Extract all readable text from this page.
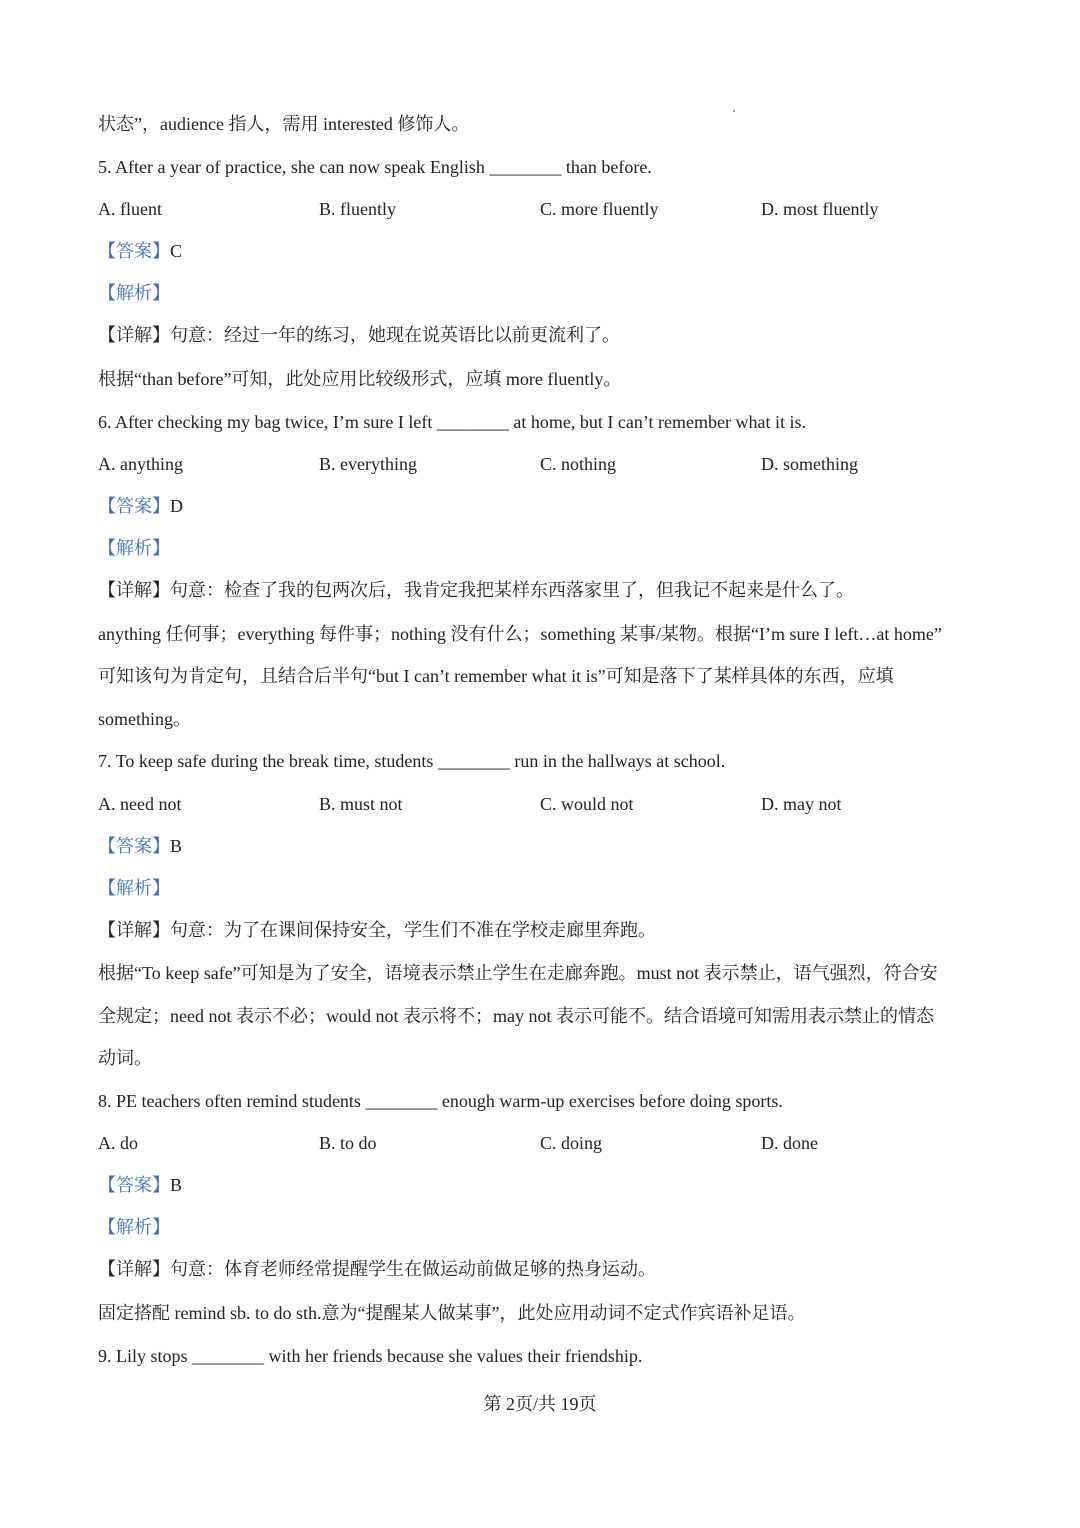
状态”，audience 指人，需用 interested 修饰人。
5. After a year of practice, she can now speak English ________ than before.
A. fluent	B. fluently	C. more fluently	D. most fluently
【答案】C
【解析】
【详解】句意：经过一年的练习，她现在说英语比以前更流利了。
根据“than before”可知，此处应用比较级形式，应填 more fluently。
6. After checking my bag twice, I’m sure I left ________ at home, but I can’t remember what it is.
A. anything	B. everything	C. nothing	D. something
【答案】D
【解析】
【详解】句意：检查了我的包两次后，我肯定我把某样东西落家里了，但我记不起来是什么了。
anything 任何事；everything 每件事；nothing 没有什么；something 某事/某物。根据“I’m sure I left…at home”
可知该句为肯定句，且结合后半句“but I can’t remember what it is”可知是落下了某样具体的东西，应填
something。
7. To keep safe during the break time, students ________ run in the hallways at school.
A. need not	B. must not	C. would not	D. may not
【答案】B
【解析】
【详解】句意：为了在课间保持安全，学生们不准在学校走廊里奔跑。
根据“To keep safe”可知是为了安全，语境表示禁止学生在走廊奔跑。must not 表示禁止，语气强烈，符合安
全规定；need not 表示不必；would not 表示将不；may not 表示可能不。结合语境可知需用表示禁止的情态
动词。
8. PE teachers often remind students ________ enough warm-up exercises before doing sports.
A. do	B. to do	C. doing	D. done
【答案】B
【解析】
【详解】句意：体育老师经常提醒学生在做运动前做足够的热身运动。
固定搭配 remind sb. to do sth.意为“提醒某人做某事”，此处应用动词不定式作宾语补足语。
9. Lily stops ________ with her friends because she values their friendship.
第 2页/共 19页
